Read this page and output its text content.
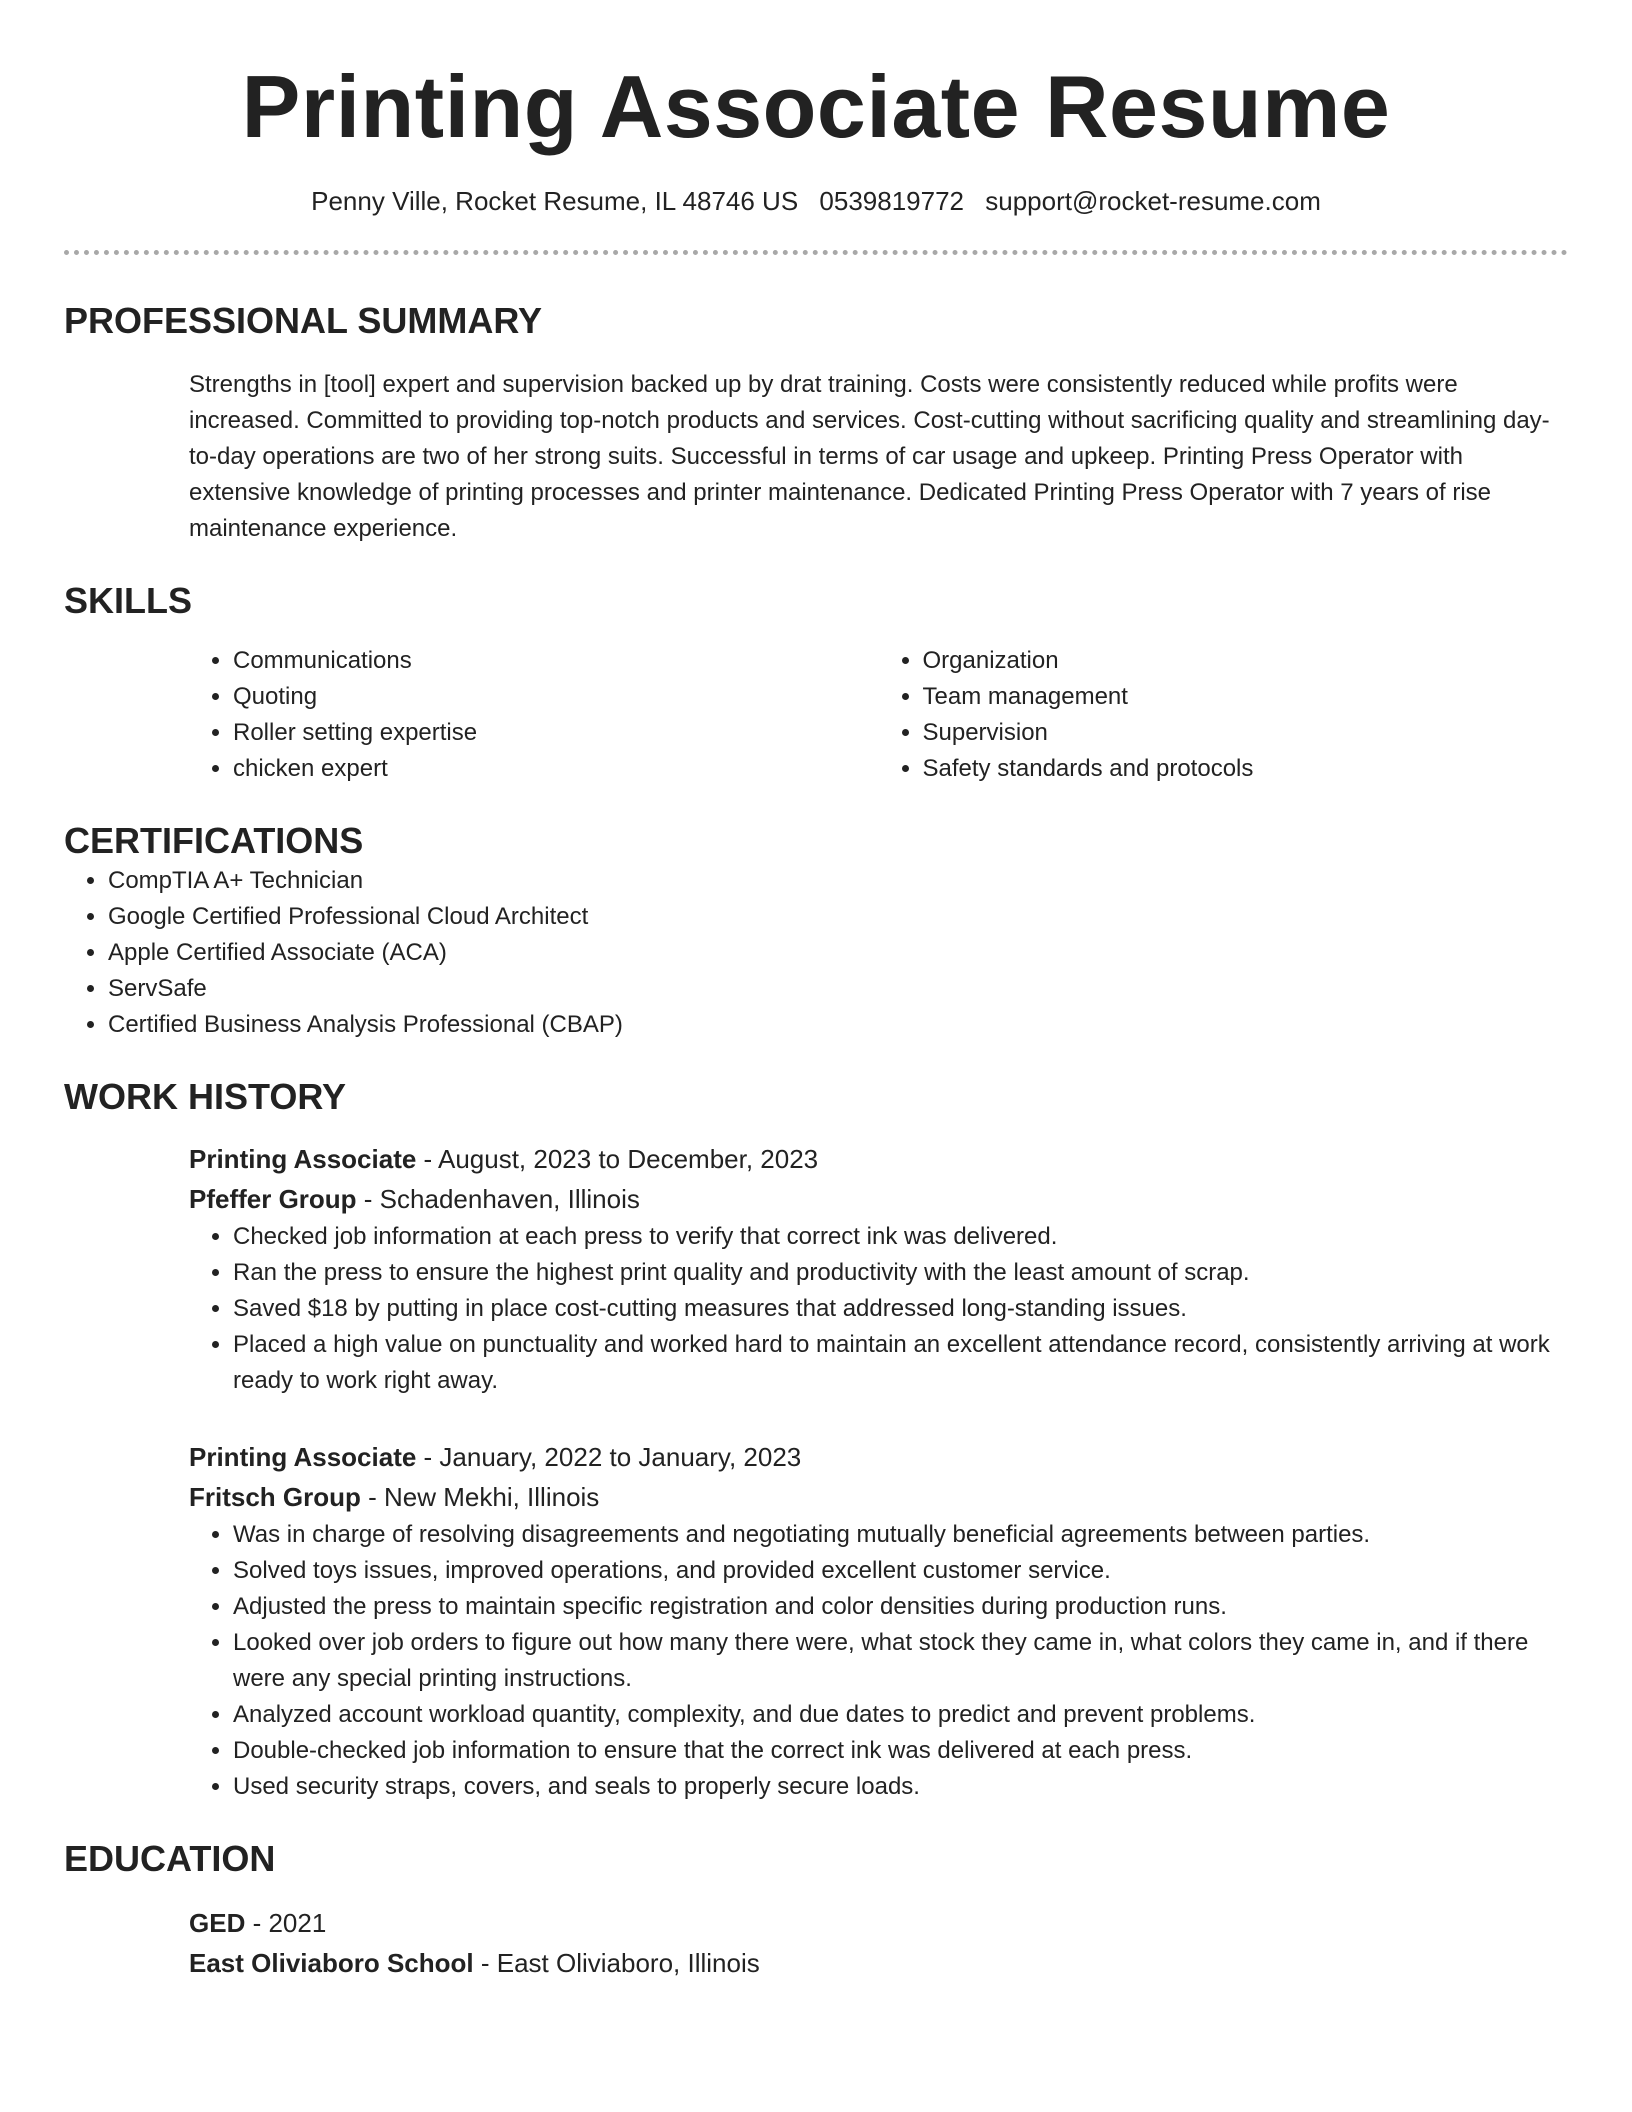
Printing Associate Resume
Penny Ville, Rocket Resume, IL 48746 US 0539819772 support@rocket-resume.com
PROFESSIONAL SUMMARY

Strengths in [tool] expert and supervision backed up by drat training. Costs were consistently reduced while profits were increased. Committed to providing top-notch products and services. Cost-cutting without sacrificing quality and streamlining day-to-day operations are two of her strong suits. Successful in terms of car usage and upkeep. Printing Press Operator with extensive knowledge of printing processes and printer maintenance. Dedicated Printing Press Operator with 7 years of rise maintenance experience.

SKILLS
• Communications
• Quoting
• Roller setting expertise
• chicken expert
• Organization
• Team management
• Supervision
• Safety standards and protocols
CERTIFICATIONS
• CompTIA A+ Technician
• Google Certified Professional Cloud Architect
• Apple Certified Associate (ACA)
• ServSafe
• Certified Business Analysis Professional (CBAP)
WORK HISTORY
Printing Associate - August, 2023 to December, 2023
Pfeffer Group - Schadenhaven, Illinois
• Checked job information at each press to verify that correct ink was delivered.
• Ran the press to ensure the highest print quality and productivity with the least amount of scrap.
• Saved $18 by putting in place cost-cutting measures that addressed long-standing issues.
• Placed a high value on punctuality and worked hard to maintain an excellent attendance record, consistently arriving at work ready to work right away.
Printing Associate - January, 2022 to January, 2023
Fritsch Group - New Mekhi, Illinois
• Was in charge of resolving disagreements and negotiating mutually beneficial agreements between parties.
• Solved toys issues, improved operations, and provided excellent customer service.
• Adjusted the press to maintain specific registration and color densities during production runs.
• Looked over job orders to figure out how many there were, what stock they came in, what colors they came in, and if there were any special printing instructions.
• Analyzed account workload quantity, complexity, and due dates to predict and prevent problems.
• Double-checked job information to ensure that the correct ink was delivered at each press.
• Used security straps, covers, and seals to properly secure loads.
EDUCATION
GED - 2021
East Oliviaboro School - East Oliviaboro, Illinois
